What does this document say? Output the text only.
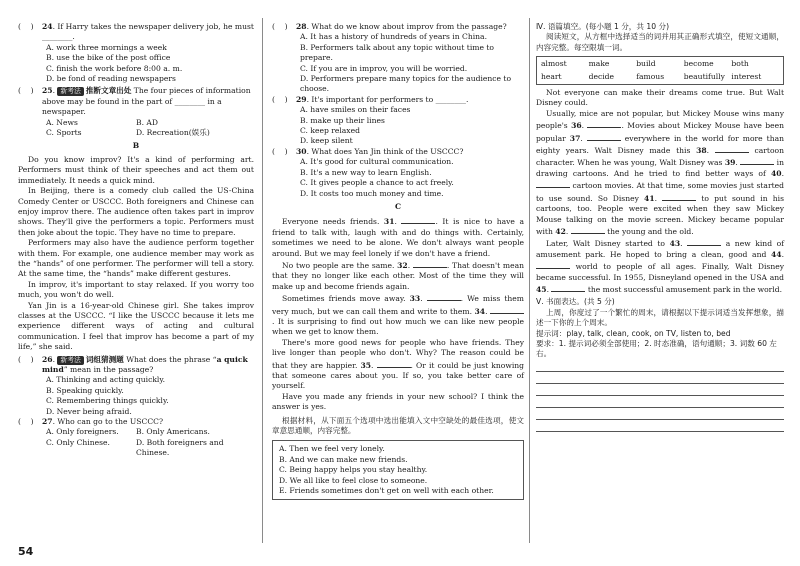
(    )	24. If Harry takes the newspaper delivery job, he must ________.
A. work three mornings a week
B. use the bike of the post office
C. finish the work before 8:00 a. m.
D. be fond of reading newspapers
(    )	25. 新考法 推断文章出处 The four pieces of information above may be found in the part of ________ in a newspaper.
A. News	B. AD
C. Sports	D. Recreation(娱乐)
B
Do you know improv? It's a kind of performing art. Performers must think of their speeches and act them out immediately. It needs a quick mind.
In Beijing, there is a comedy club called the US-China Comedy Center or USCCC. Both foreigners and Chinese can enjoy improv there. The audience often takes part in improv shows. They'll give the performers a topic. Performers must then joke about the topic. They have no time to prepare.
Performers may also have the audience perform together with them. For example, one audience member may work as the “hands” of one performer. The performer will tell a story. At the same time, the “hands” make different gestures.
In improv, it's important to stay relaxed. If you worry too much, you won't do well.
Yan Jin is a 16-year-old Chinese girl. She takes improv classes at the USCCC. “I like the USCCC because it lets me experience different ways of acting and cultural communication. I feel that improv has become a part of my life,” she said.
(    )	26. 新考法 词组猜测题 What does the phrase “a quick mind” mean in the passage?
A. Thinking and acting quickly.
B. Speaking quickly.
C. Remembering things quickly.
D. Never being afraid.
(    )	27. Who can go to the USCCC?
A. Only foreigners.	B. Only Americans.
C. Only Chinese.	D. Both foreigners and Chinese.
(    )	28. What do we know about improv from the passage?
A. It has a history of hundreds of years in China.
B. Performers talk about any topic without time to prepare.
C. If you are in improv, you will be worried.
D. Performers prepare many topics for the audience to choose.
(    )	29. It's important for performers to ________.
A. have smiles on their faces
B. make up their lines
C. keep relaxed
D. keep silent
(    )	30. What does Yan Jin think of the USCCC?
A. It's good for cultural communication.
B. It's a new way to learn English.
C. It gives people a chance to act freely.
D. It costs too much money and time.
C
Everyone needs friends. 31.	. It is nice to have a friend to talk with, laugh with and do things with. Certainly, sometimes we need to be alone. We don't always want people around. But we may feel lonely if we don't have a friend.
No two people are the same. 32.	. That doesn't mean that they no longer like each other. Most of the time they will make up and become friends again.
Sometimes friends move away. 33.	. We miss them very much, but we can call them and write to them. 34. . It is surprising to find out how much we can like new people when we get to know them.
There's more good news for people who have friends. They live longer than people who don't. Why? The reason could be that they are happier. 35.	. Or it could be just knowing that someone cares about you. If so, you take better care of yourself.
Have you made any friends in your new school? I think the answer is yes.
根据材料，从下面五个选项中选出能填入文中空缺处的最佳选项，使文章意思通顺，内容完整。
A. Then we feel very lonely.
B. And we can make new friends.
C. Being happy helps you stay healthy.
D. We all like to feel close to someone.
E. Friends sometimes don't get on well with each other.
Ⅳ. 语篇填空。(每小题 1 分，共 10 分)
阅读短文，从方框中选择适当的词并用其正确形式填空，使短文通顺，内容完整。每空限填一词。
almost	make	build	become	both
heart	decide	famous	beautifully interest
Not everyone can make their dreams come true. But Walt Disney could.
Usually, mice are not popular, but Mickey Mouse wins many people's 36.	. Movies about Mickey Mouse have been popular 37.	everywhere in the world for more than eighty years. Walt Disney made this 38.	cartoon character. When he was young, Walt Disney was 39.	in drawing cartoons. And he tried to find better ways of 40.  cartoon movies. At that time, some movies just started to use sound. So Disney 41.	to put sound in his cartoons, too. People were excited when they saw Mickey Mouse talking on the movie screen. Mickey became popular with 42.	the young and the old.
Later, Walt Disney started to 43.	a new kind of amusement park. He hoped to bring a clean, good and 44.  world to people of all ages. Finally, Walt Disney became successful. In 1955, Disneyland opened in the USA and 45.	the most successful amusement park in the world.
Ⅴ. 书面表达。(共 5 分)
上周，你度过了一个繁忙的周末，请根据以下提示词适当发挥想象，描述一下你的上个周末。
提示词：play, talk, clean, cook, on TV, listen to, bed
要求：1. 提示词必须全部使用；2. 时态准确，语句通顺；3. 词数 60 左右。
54
